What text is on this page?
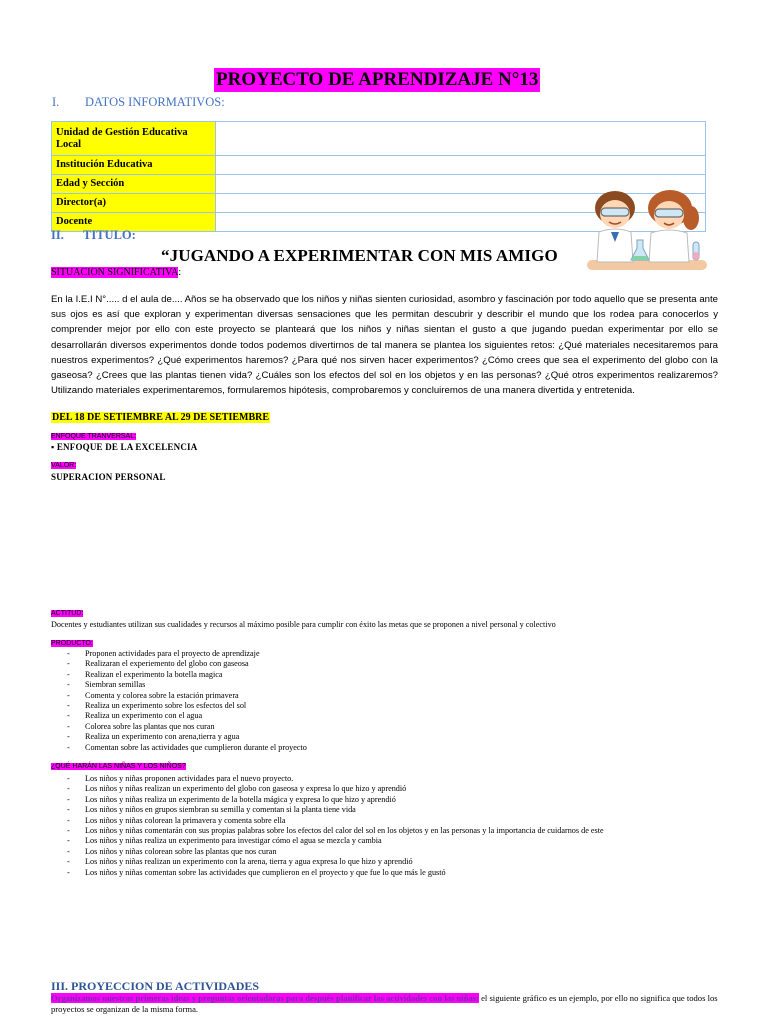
PROYECTO DE APRENDIZAJE N°13
I. DATOS INFORMATIVOS:
Unidad de Gestión Educativa Local	
Institución Educativa	
Edad y Sección	
Director(a)	
Docente	
II. TITULO:
“JUGANDO A EXPERIMENTAR CON MIS AMIGO
SITUACION SIGNIFICATIVA:
En la I.E.I N°..... d el aula de.... Años se ha observado que los niños y niñas sienten curiosidad, asombro y fascinación por todo aquello que se presenta ante sus ojos es así que exploran y experimentan diversas sensaciones que les permitan descubrir y describir el mundo que los rodea para conocerlos y comprender mejor por ello con este proyecto se planteará que los niños y niñas sientan el gusto a que jugando puedan experimentar por ello se desarrollarán diversos experimentos donde todos podemos divertirnos de tal manera se plantea los siguientes retos: ¿Qué materiales necesitaremos para nuestros experimentos? ¿Qué experimentos haremos? ¿Para qué nos sirven hacer experimentos? ¿Cómo crees que sea el experimento del globo con la gaseosa? ¿Crees que las plantas tienen vida? ¿Cuáles son los efectos del sol en los objetos y en las personas? ¿Qué otros experimentos realizaremos? Utilizando materiales experimentaremos, formularemos hipótesis, comprobaremos y concluiremos de una manera divertida y entretenida.
DEL 18 DE SETIEMBRE AL 29 DE SETIEMBRE
ENFOQUE TRANVERSAL:
▪ ENFOQUE DE LA EXCELENCIA
VALOR:
SUPERACION PERSONAL
ACTITUD:
Docentes y estudiantes utilizan sus cualidades y recursos al máximo posible para cumplir con éxito las metas que se proponen a nivel personal y colectivo
PRODUCTO:
- Proponen actividades para el proyecto de aprendizaje
- Realizaran el experiemento del globo con gaseosa
- Realizan el experimento la botella magica
- Siembran semillas
- Comenta y colorea sobre la estación primavera
- Realiza un experimento sobre los esfectos del sol
- Realiza un experimento con el agua
- Colorea sobre las plantas que nos curan
- Realiza un experimento con arena,tierra y agua
- Comentan sobre las actividades que cumplieron durante el proyecto
¿QUÉ HARÁN LAS NIÑAS Y LOS NIÑOS?
- Los niños y niñas proponen actividades para el nuevo proyecto.
- Los niños y niñas realizan un experimento del globo con gaseosa y expresa lo que hizo y aprendió
- Los niños y niñas realiza un experimento de la botella mágica y expresa lo que hizo y aprendió
- Los niños y niños en grupos siembran su semilla y comentan si la planta tiene vida
- Los niños y niñas colorean la primavera y comenta sobre ella
- Los niños y niñas comentarán con sus propias palabras sobre los efectos del calor del sol en los objetos y en las personas y la importancia de cuidarnos de este
- Los niños y niñas realiza un experimento para investigar cómo el agua se mezcla y cambia
- Los niños y niñas colorean sobre las plantas que nos curan
- Los niños y niñas realizan un experimento con la arena, tierra y agua expresa lo que hizo y aprendió
- Los niños y niñas comentan sobre las actividades que cumplieron en el proyecto y que fue lo que más le gustó
III. PROYECCION DE ACTIVIDADES
Organizamos nuestras primeras ideas y preguntas orientadoras para después planificar las actividades con las niñas: el siguiente gráfico es un ejemplo, por ello no significa que todos los proyectos se organizan de la misma forma.
